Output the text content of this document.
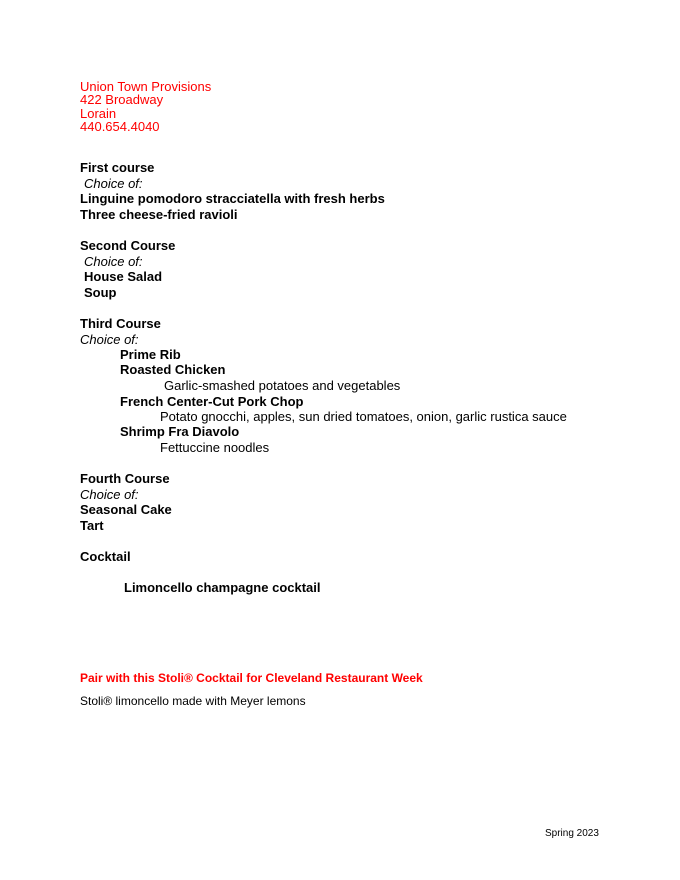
Union Town Provisions
422 Broadway
Lorain
440.654.4040
First course
Choice of:
Linguine pomodoro stracciatella with fresh herbs
Three cheese-fried ravioli
Second Course
Choice of:
House Salad
Soup
Third Course
Choice of:
Prime Rib
Roasted Chicken
Garlic-smashed potatoes and vegetables
French Center-Cut Pork Chop
Potato gnocchi, apples, sun dried tomatoes, onion, garlic rustica sauce
Shrimp Fra Diavolo
Fettuccine noodles
Fourth Course
Choice of:
Seasonal Cake
Tart
Cocktail
Limoncello champagne cocktail
Pair with this Stoli® Cocktail for Cleveland Restaurant Week
Stoli® limoncello made with Meyer lemons
Spring 2023
